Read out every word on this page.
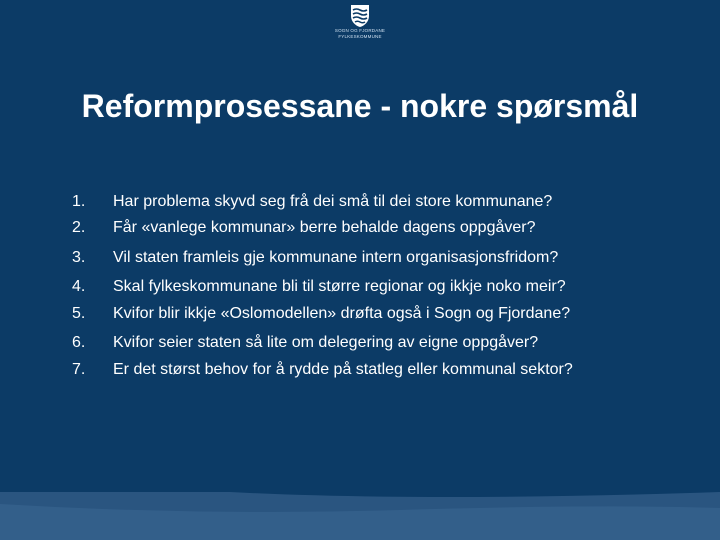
SOGN OG FJORDANE
FYLKESKOMMUNE
Reformprosessane - nokre spørsmål
1.	Har problema skyvd seg frå dei små til dei store kommunane?
2.	Får «vanlege kommunar» berre behalde dagens oppgåver?
3.	Vil staten framleis gje kommunane intern organisasjonsfridom?
4.	Skal fylkeskommunane bli til større regionar og ikkje noko meir?
5.	Kvifor blir ikkje «Oslomodellen» drøfta også i Sogn og Fjordane?
6.	Kvifor seier staten så lite om delegering av eigne oppgåver?
7.	Er det størst behov for å rydde på statleg eller kommunal sektor?
